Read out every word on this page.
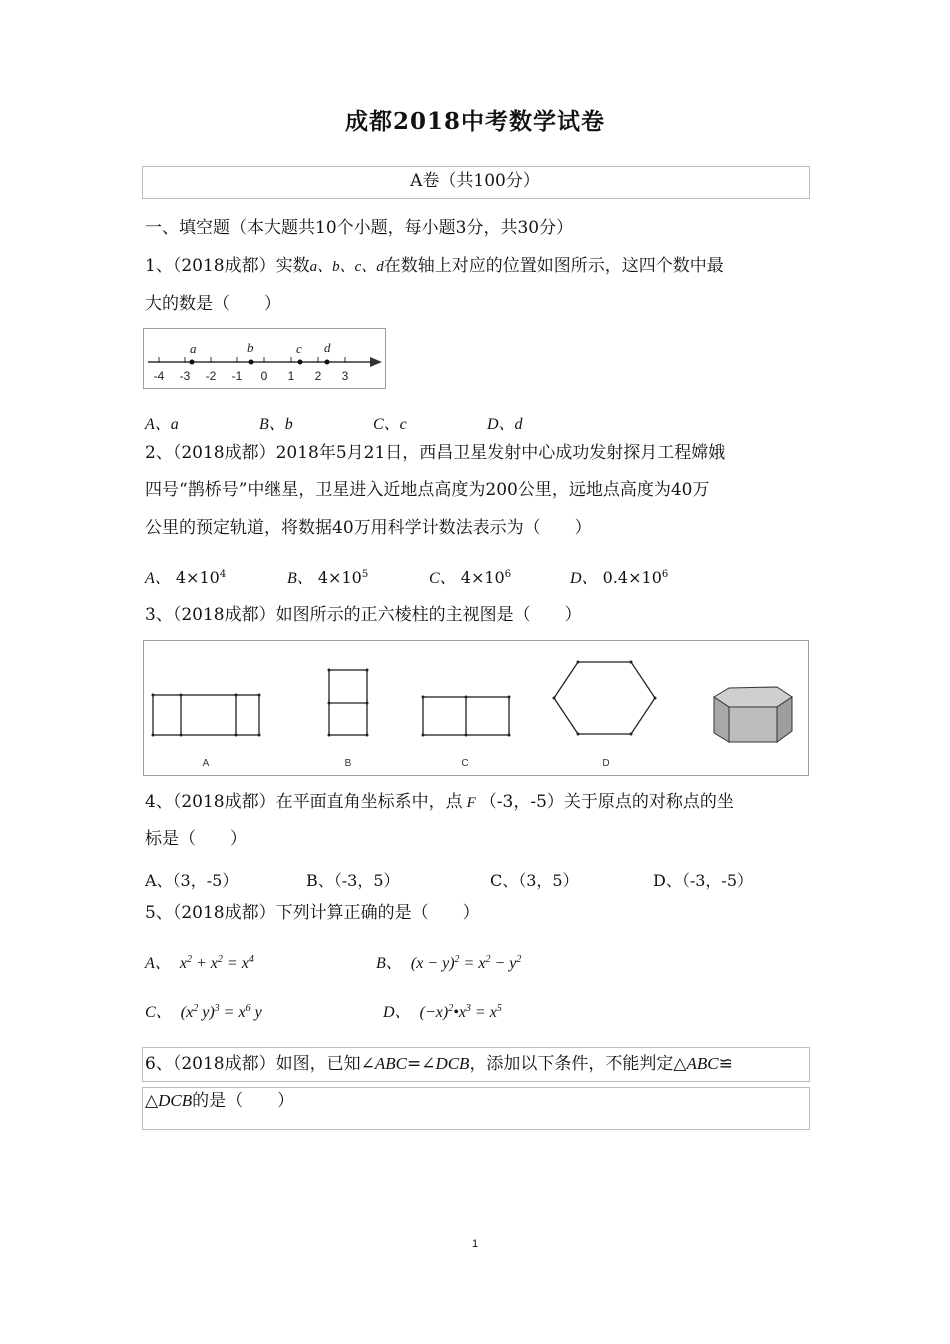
成都2018中考数学试卷
A卷（共100分）
一、填空题（本大题共10个小题，每小题3分，共30分）
1、（2018成都）实数a、b、c、d在数轴上对应的位置如图所示，这四个数中最
大的数是（　　）
a	b	c d
-4 -3 -2 -1 0 1 2 3
A、a	B、b	C、c	D、d
2、（2018成都）2018年5月21日，西昌卫星发射中心成功发射探月工程嫦娥
四号“鹊桥号”中继星，卫星进入近地点高度为200公里，远地点高度为40万
公里的预定轨道，将数据40万用科学计数法表示为（　　）
A、 $4\times 10^4$	B、 $4\times 10^5$	C、 $4\times 10^6$	D、 $0.4\times 10^6$
3、（2018成都）如图所示的正六棱柱的主视图是（　　）
A	B	C	D
4、（2018成都）在平面直角坐标系中，点 F （-3，-5）关于原点的对称点的坐
标是（　　）
A、（3，-5）	B、（-3，5）	C、（3，5）	D、（-3，-5）
5、（2018成都）下列计算正确的是（　　）
A、  $x^2 + x^2 = x^4$	B、  $(x - y)^2 = x^2 - y^2$
C、  ($x^2$ $y)^3 = x^6$ y	D、  $(-x)^2•x^3 = x^5$
6、（2018成都）如图，已知∠ABC=∠DCB，添加以下条件，不能判定△ABC≌
△DCB的是（　　）
1
